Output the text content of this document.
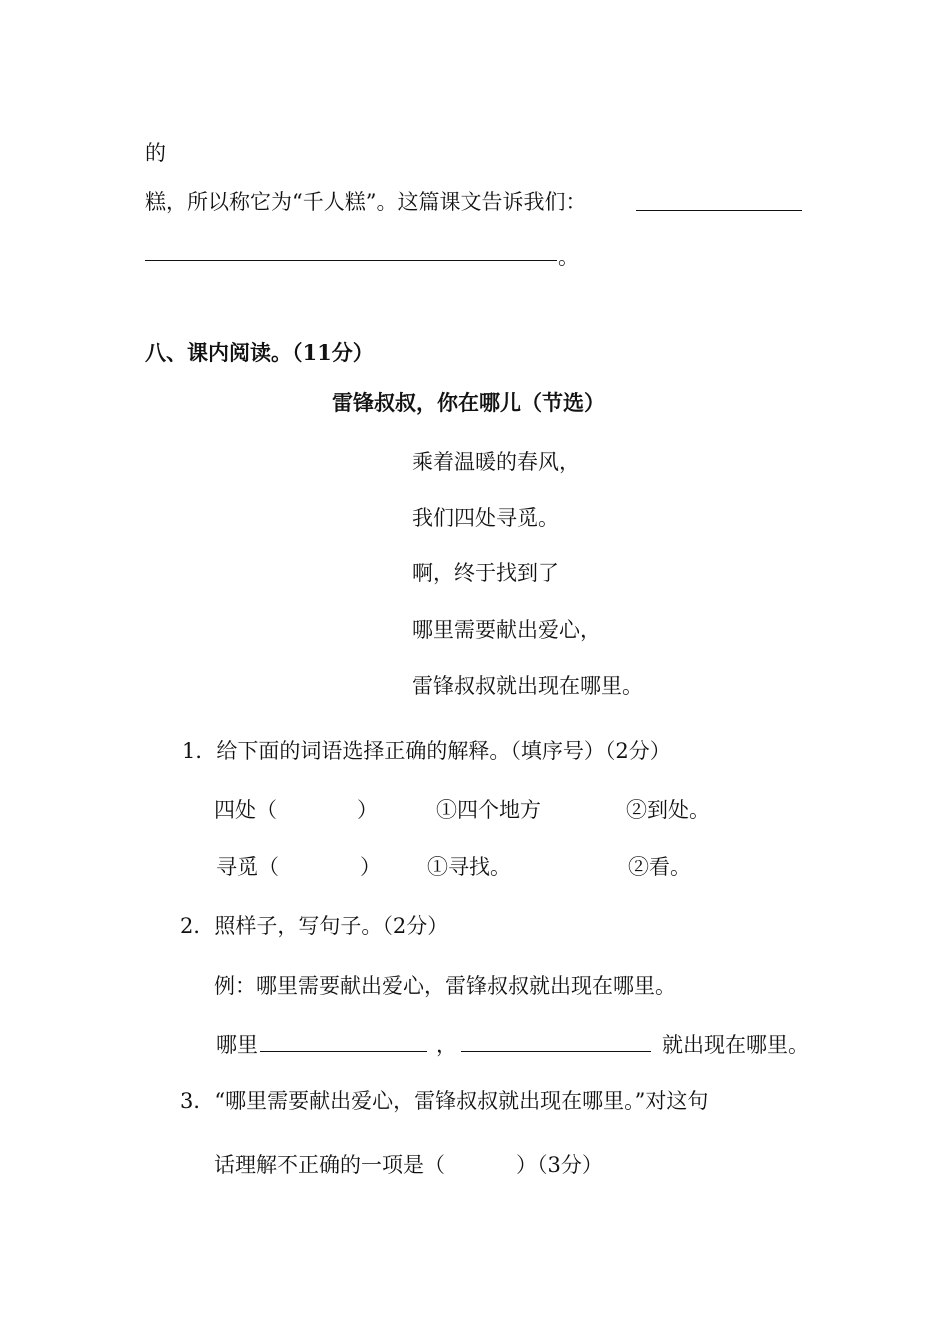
的
糕，所以称它为“千人糕”。这篇课文告诉我们：
。
八、课内阅读。（11分）
雷锋叔叔，你在哪儿（节选）
乘着温暖的春风，
我们四处寻觅。
啊，终于找到了
哪里需要献出爱心，
雷锋叔叔就出现在哪里。
1．给下面的词语选择正确的解释。（填序号）（2分）
四处（	）	①四个地方	②到处。
寻觅（	） ①寻找。	②看。
2．照样子，写句子。（2分）
例：哪里需要献出爱心，雷锋叔叔就出现在哪里。
哪里	，	就出现在哪里。
3．“哪里需要献出爱心，雷锋叔叔就出现在哪里。”对这句
话理解不正确的一项是（	）（3分）
